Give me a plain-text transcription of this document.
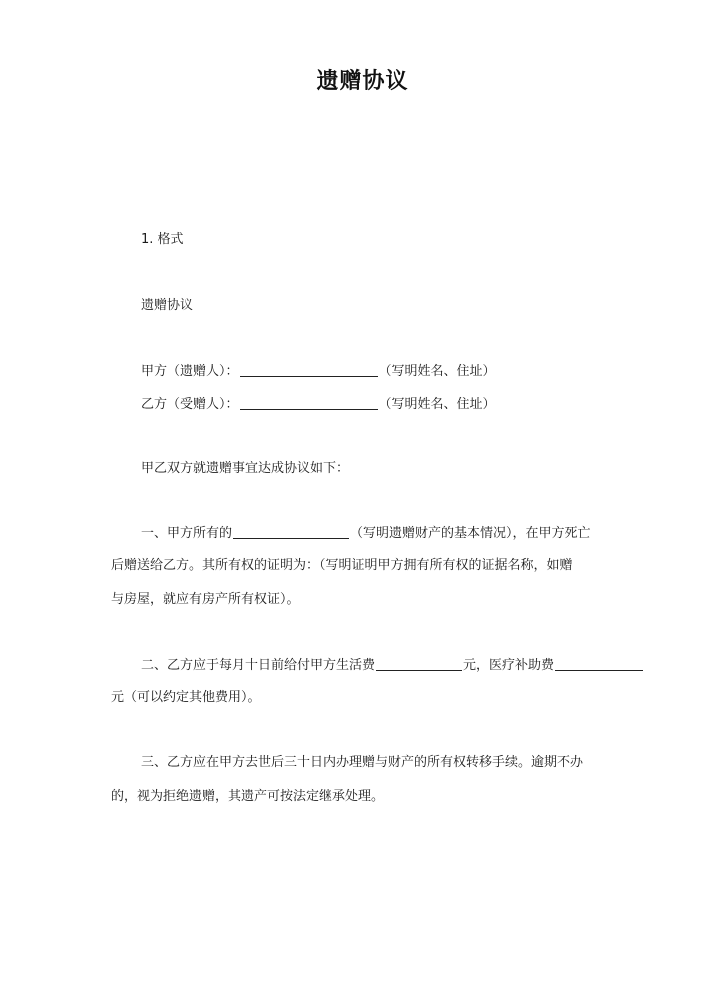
遗赠协议
1. 格式
遗赠协议
甲方（遗赠人）：	（写明姓名、住址）
乙方（受赠人）：	（写明姓名、住址）
甲乙双方就遗赠事宜达成协议如下：
一、甲方所有的	（写明遗赠财产的基本情况），在甲方死亡
后赠送给乙方。其所有权的证明为：（写明证明甲方拥有所有权的证据名称，如赠
与房屋，就应有房产所有权证）。
二、乙方应于每月十日前给付甲方生活费	元，医疗补助费
元（可以约定其他费用）。
三、乙方应在甲方去世后三十日内办理赠与财产的所有权转移手续。逾期不办
的，视为拒绝遗赠，其遗产可按法定继承处理。
